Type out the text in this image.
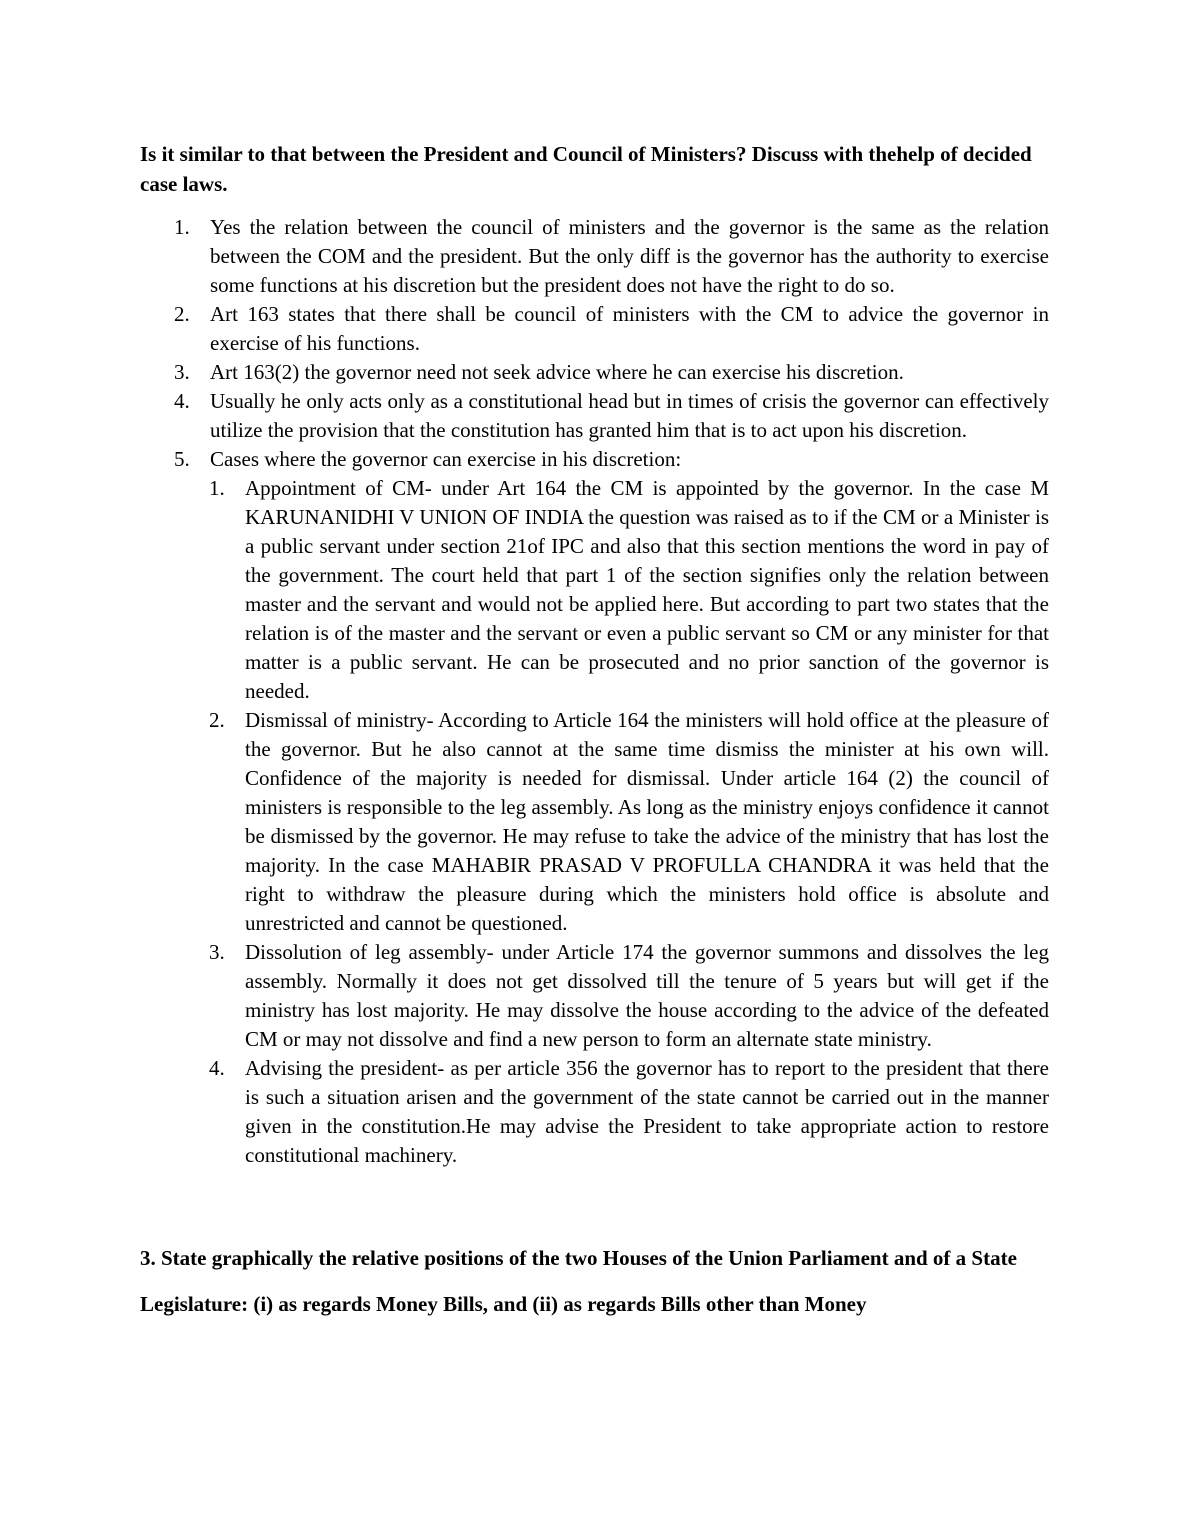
Is it similar to that between the President and Council of Ministers? Discuss with thehelp of decided case laws.

1. Yes the relation between the council of ministers and the governor is the same as the relation between the COM and the president. But the only diff is the governor has the authority to exercise some functions at his discretion but the president does not have the right to do so.
2. Art 163 states that there shall be council of ministers with the CM to advice the governor in exercise of his functions.
3. Art 163(2) the governor need not seek advice where he can exercise his discretion.
4. Usually he only acts only as a constitutional head but in times of crisis the governor can effectively utilize the provision that the constitution has granted him that is to act upon his discretion.
5. Cases where the governor can exercise in his discretion:
1. Appointment of CM- under Art 164 the CM is appointed by the governor. In the case M KARUNANIDHI V UNION OF INDIA the question was raised as to if the CM or a Minister is a public servant under section 21of IPC and also that this section mentions the word in pay of the government. The court held that part 1 of the section signifies only the relation between master and the servant and would not be applied here. But according to part two states that the relation is of the master and the servant or even a public servant so CM or any minister for that matter is a public servant. He can be prosecuted and no prior sanction of the governor is needed.
2. Dismissal of ministry- According to Article 164 the ministers will hold office at the pleasure of the governor. But he also cannot at the same time dismiss the minister at his own will. Confidence of the majority is needed for dismissal. Under article 164 (2) the council of ministers is responsible to the leg assembly. As long as the ministry enjoys confidence it cannot be dismissed by the governor. He may refuse to take the advice of the ministry that has lost the majority. In the case MAHABIR PRASAD V PROFULLA CHANDRA it was held that the right to withdraw the pleasure during which the ministers hold office is absolute and unrestricted and cannot be questioned.
3. Dissolution of leg assembly- under Article 174 the governor summons and dissolves the leg assembly. Normally it does not get dissolved till the tenure of 5 years but will get if the ministry has lost majority. He may dissolve the house according to the advice of the defeated CM or may not dissolve and find a new person to form an alternate state ministry.
4. Advising the president- as per article 356 the governor has to report to the president that there is such a situation arisen and the government of the state cannot be carried out in the manner given in the constitution.He may advise the President to take appropriate action to restore constitutional machinery.

3. State graphically the relative positions of the two Houses of the Union Parliament and of a State Legislature: (i) as regards Money Bills, and (ii) as regards Bills other than Money
